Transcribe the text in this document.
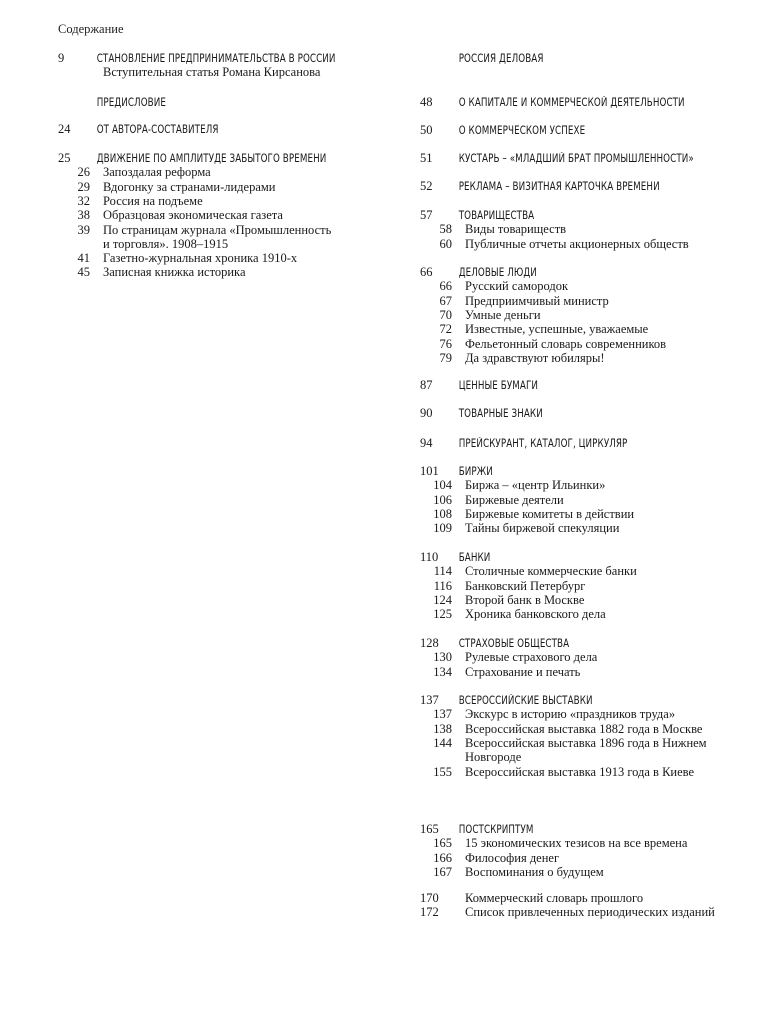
Содержание
9	СТАНОВЛЕНИЕ ПРЕДПРИНИМАТЕЛЬСТВА В РОССИИ
Вступительная статья Романа Кирсанова
ПРЕДИСЛОВИЕ
24	ОТ АВТОРА-СОСТАВИТЕЛЯ
25	ДВИЖЕНИЕ ПО АМПЛИТУДЕ ЗАБЫТОГО ВРЕМЕНИ
26	Запоздалая реформа
29	Вдогонку за странами-лидерами
32	Россия на подъеме
38	Образцовая экономическая газета
39	По страницам журнала «Промышленность
и торговля». 1908–1915
41	Газетно-журнальная хроника 1910-х
45	Записная книжка историка
РОССИЯ ДЕЛОВАЯ
48	О КАПИТАЛЕ И КОММЕРЧЕСКОЙ ДЕЯТЕЛЬНОСТИ
50	О КОММЕРЧЕСКОМ УСПЕХЕ
51	КУСТАРЬ – «МЛАДШИЙ БРАТ ПРОМЫШЛЕННОСТИ»
52	РЕКЛАМА – ВИЗИТНАЯ КАРТОЧКА ВРЕМЕНИ
57	ТОВАРИЩЕСТВА
58	Виды товариществ
60	Публичные отчеты акционерных обществ
66	ДЕЛОВЫЕ ЛЮДИ
66	Русский самородок
67	Предприимчивый министр
70	Умные деньги
72	Известные, успешные, уважаемые
76	Фельетонный словарь современников
79	Да здравствуют юбиляры!
87	ЦЕННЫЕ БУМАГИ
90	ТОВАРНЫЕ ЗНАКИ
94	ПРЕЙСКУРАНТ, КАТАЛОГ, ЦИРКУЛЯР
101	БИРЖИ
104	Биржа – «центр Ильинки»
106	Биржевые деятели
108	Биржевые комитеты в действии
109	Тайны биржевой спекуляции
110	БАНКИ
114	Столичные коммерческие банки
116	Банковский Петербург
124	Второй банк в Москве
125	Хроника банковского дела
128	СТРАХОВЫЕ ОБЩЕСТВА
130	Рулевые страхового дела
134	Страхование и печать
137	ВСЕРОССИЙСКИЕ ВЫСТАВКИ
137	Экскурс в историю «праздников труда»
138	Всероссийская выставка 1882 года в Москве
144	Всероссийская выставка 1896 года в Нижнем
Новгороде
155	Всероссийская выставка 1913 года в Киеве
165	ПОСТСКРИПТУМ
165	15 экономических тезисов на все времена
166	Философия денег
167	Воспоминания о будущем
170	Коммерческий словарь прошлого
172	Список привлеченных периодических изданий
